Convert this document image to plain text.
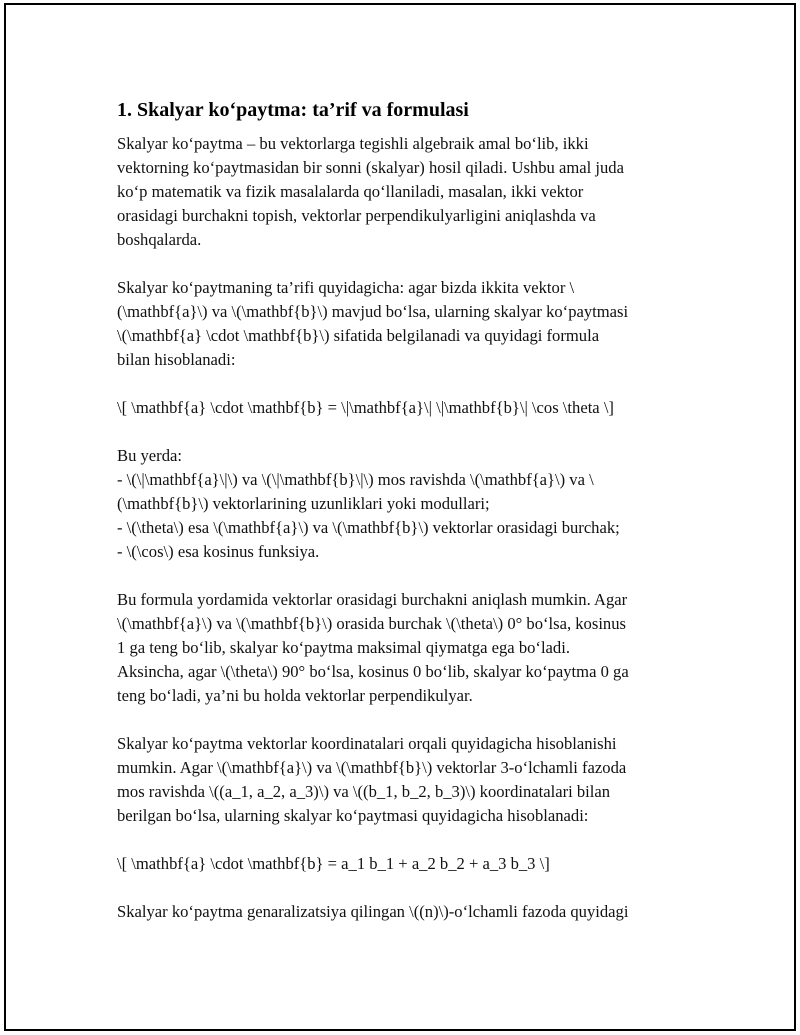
1. Skalyar ko‘paytma: ta’rif va formulasi

Skalyar ko‘paytma – bu vektorlarga tegishli algebraik amal bo‘lib, ikki
vektorning ko‘paytmasidan bir sonni (skalyar) hosil qiladi. Ushbu amal juda
ko‘p matematik va fizik masalalarda qo‘llaniladi, masalan, ikki vektor
orasidagi burchakni topish, vektorlar perpendikulyarligini aniqlashda va
boshqalarda.

Skalyar ko‘paytmaning ta’rifi quyidagicha: agar bizda ikkita vektor \
(\mathbf{a}\) va \(\mathbf{b}\) mavjud bo‘lsa, ularning skalyar ko‘paytmasi
\(\mathbf{a} \cdot \mathbf{b}\) sifatida belgilanadi va quyidagi formula
bilan hisoblanadi:

\[ \mathbf{a} \cdot \mathbf{b} = \|\mathbf{a}\| \|\mathbf{b}\| \cos \theta \]

Bu yerda:
- \(\|\mathbf{a}\|\) va \(\|\mathbf{b}\|\) mos ravishda \(\mathbf{a}\) va \
(\mathbf{b}\) vektorlarining uzunliklari yoki modullari;
- \(\theta\) esa \(\mathbf{a}\) va \(\mathbf{b}\) vektorlar orasidagi burchak;
- \(\cos\) esa kosinus funksiya.

Bu formula yordamida vektorlar orasidagi burchakni aniqlash mumkin. Agar
\(\mathbf{a}\) va \(\mathbf{b}\) orasida burchak \(\theta\) 0° bo‘lsa, kosinus
1 ga teng bo‘lib, skalyar ko‘paytma maksimal qiymatga ega bo‘ladi.
Aksincha, agar \(\theta\) 90° bo‘lsa, kosinus 0 bo‘lib, skalyar ko‘paytma 0 ga
teng bo‘ladi, ya’ni bu holda vektorlar perpendikulyar.

Skalyar ko‘paytma vektorlar koordinatalari orqali quyidagicha hisoblanishi
mumkin. Agar \(\mathbf{a}\) va \(\mathbf{b}\) vektorlar 3-o‘lchamli fazoda
mos ravishda \((a_1, a_2, a_3)\) va \((b_1, b_2, b_3)\) koordinatalari bilan
berilgan bo‘lsa, ularning skalyar ko‘paytmasi quyidagicha hisoblanadi:

\[ \mathbf{a} \cdot \mathbf{b} = a_1 b_1 + a_2 b_2 + a_3 b_3 \]

Skalyar ko‘paytma genaralizatsiya qilingan \((n)\)-o‘lchamli fazoda quyidagi
